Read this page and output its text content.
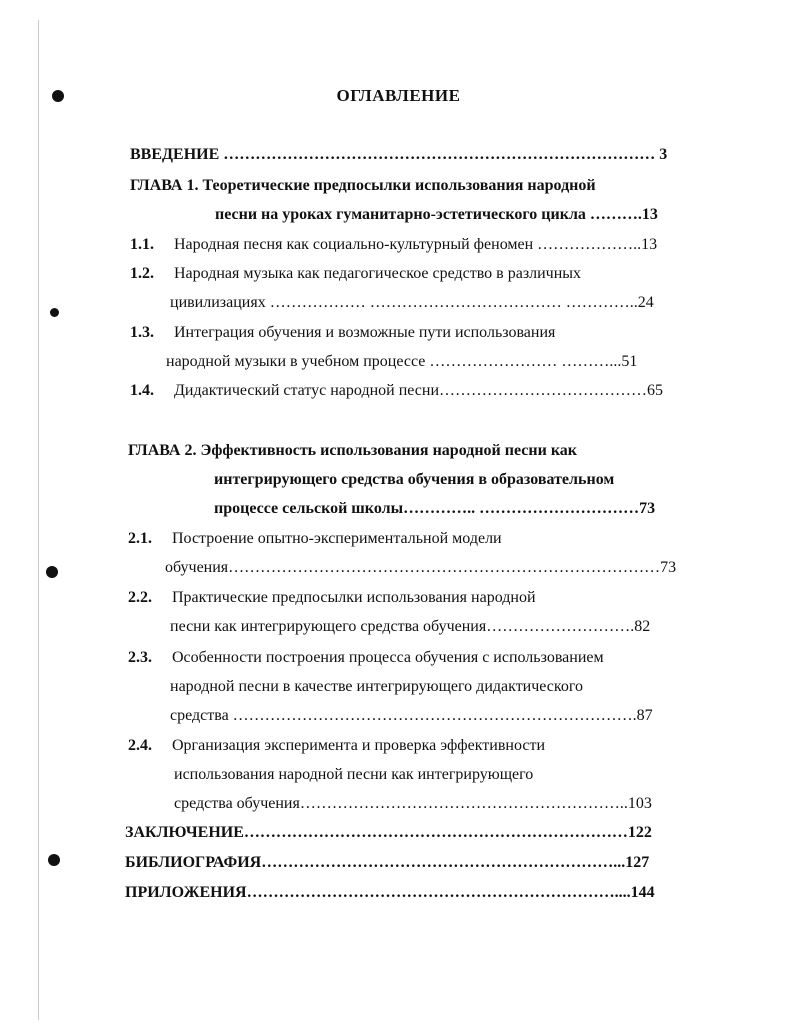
ОГЛАВЛЕНИЕ
ВВЕДЕНИЕ ……………………………………………………………………… 3
ГЛАВА 1. Теоретические предпосылки использования народной
песни на уроках гуманитарно-эстетического цикла ……….13
1.1. Народная песня как социально-культурный феномен ………………..13
1.2. Народная музыка как педагогическое средство в различных
цивилизациях ……………… ……………………………… …………..24
1.3. Интеграция обучения и возможные пути использования
народной музыки в учебном процессе …………………… ………...51
1.4. Дидактический статус народной песни…………………………………65
ГЛАВА 2. Эффективность использования народной песни как
интегрирующего средства обучения в образовательном
процессе сельской школы………….. …………………………73
2.1. Построение опытно-экспериментальной модели
обучения………………………………………………………………………73
2.2. Практические предпосылки использования народной
песни как интегрирующего средства обучения……………………….82
2.3. Особенности построения процесса обучения с использованием
народной песни в качестве интегрирующего дидактического
средства ………………………………………………………………….87
2.4. Организация эксперимента и проверка эффективности
использования народной песни как интегрирующего
средства обучения……………………………………………………..103
ЗАКЛЮЧЕНИЕ………………………………………………………………122
БИБЛИОГРАФИЯ…………………………………………………………...127
ПРИЛОЖЕНИЯ……………………………………………………………....144
